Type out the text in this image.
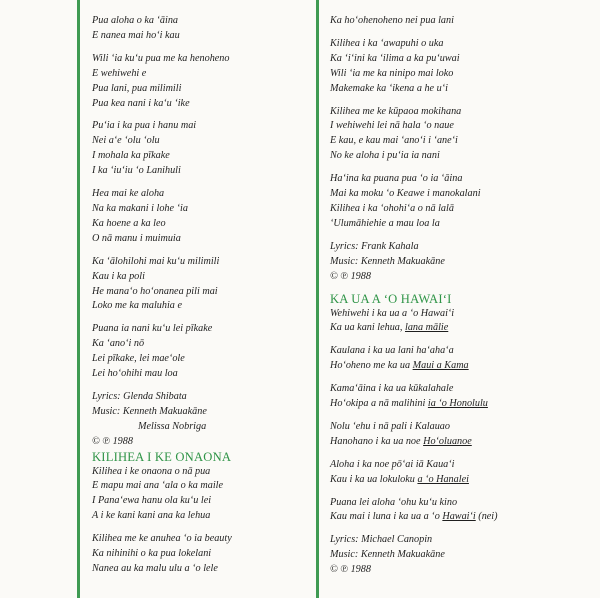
Pua aloha o ka ʻāina
E nanea mai hoʻi kau
Wili ʻia kuʻu pua me ka henoheno
E wehiwehi e
Pua lani, pua milimili
Pua kea nani i kaʻu ʻike
Puʻia i ka pua i hanu mai
Nei aʻe ʻolu ʻolu
I mohala ka pīkake
I ka ʻiuʻiu ʻo Lanihuli
Hea mai ke aloha
Na ka makani i lohe ʻia
Ka hoene a ka leo
O nā manu i muimuia
Ka ʻālohilohi mai kuʻu milimili
Kau i ka poli
He manaʻo hoʻonanea pili mai
Loko me ka maluhia e
Puana ia nani kuʻu lei pīkake
Ka ʻanoʻi nō
Lei pīkake, lei maeʻole
Lei hoʻohihi mau loa
Lyrics: Glenda Shibata
Music: Kenneth Makuakāne
Melissa Nobriga
© ℗ 1988
KILIHEA I KE ONAONA
Kilihea i ke onaona o nā pua
E mapu mai ana ʻala o ka maile
I Panaʻewa hanu ola kuʻu lei
A i ke kani kani ana ka lehua
Kilihea me ke anuhea ʻo ia beauty
Ka nihinihi o ka pua lokelani
Nanea au ka malu ulu a ʻo lele
Ka hoʻohenoheno nei pua lani
Kilihea i ka ʻawapuhi o uka
Ka ʻiʻini ka ʻilima a ka puʻuwai
Wili ʻia me ka ninipo mai loko
Makemake ka ʻikena a he uʻi
Kilihea me ke kūpaoa mokihana
I wehiwehi lei nā hala ʻo naue
E kau, e kau mai ʻanoʻi i ʻaneʻi
No ke aloha i puʻia ia nani
Haʻina ka puana pua ʻo ia ʻāina
Mai ka moku ʻo Keawe i manokalani
Kilihea i ka ʻohohiʻa o nā lalā
ʻUlumāhiehie a mau loa la
Lyrics: Frank Kahala
Music: Kenneth Makuakāne
© ℗ 1988
KA UA A ʻO HAWAIʻI
Wehiwehi i ka ua a ʻo Hawaiʻi
Ka ua kani lehua, lana mālie
Kaulana i ka ua lani haʻahaʻa
Hoʻoheno me ka ua Maui a Kama
Kamaʻāina i ka ua kūkalahale
Hoʻokipa a nā malihini ia ʻo Honolulu
Nolu ʻehu i nā pali i Kalauao
Hanohano i ka ua noe Hoʻoluanoe
Aloha i ka noe pōʻai iā Kauaʻi
Kau i ka ua lokuloku a ʻo Hanalei
Puana lei aloha ʻohu kuʻu kino
Kau mai i luna i ka ua a ʻo Hawaiʻi (nei)
Lyrics: Michael Canopin
Music: Kenneth Makuakāne
© ℗ 1988
